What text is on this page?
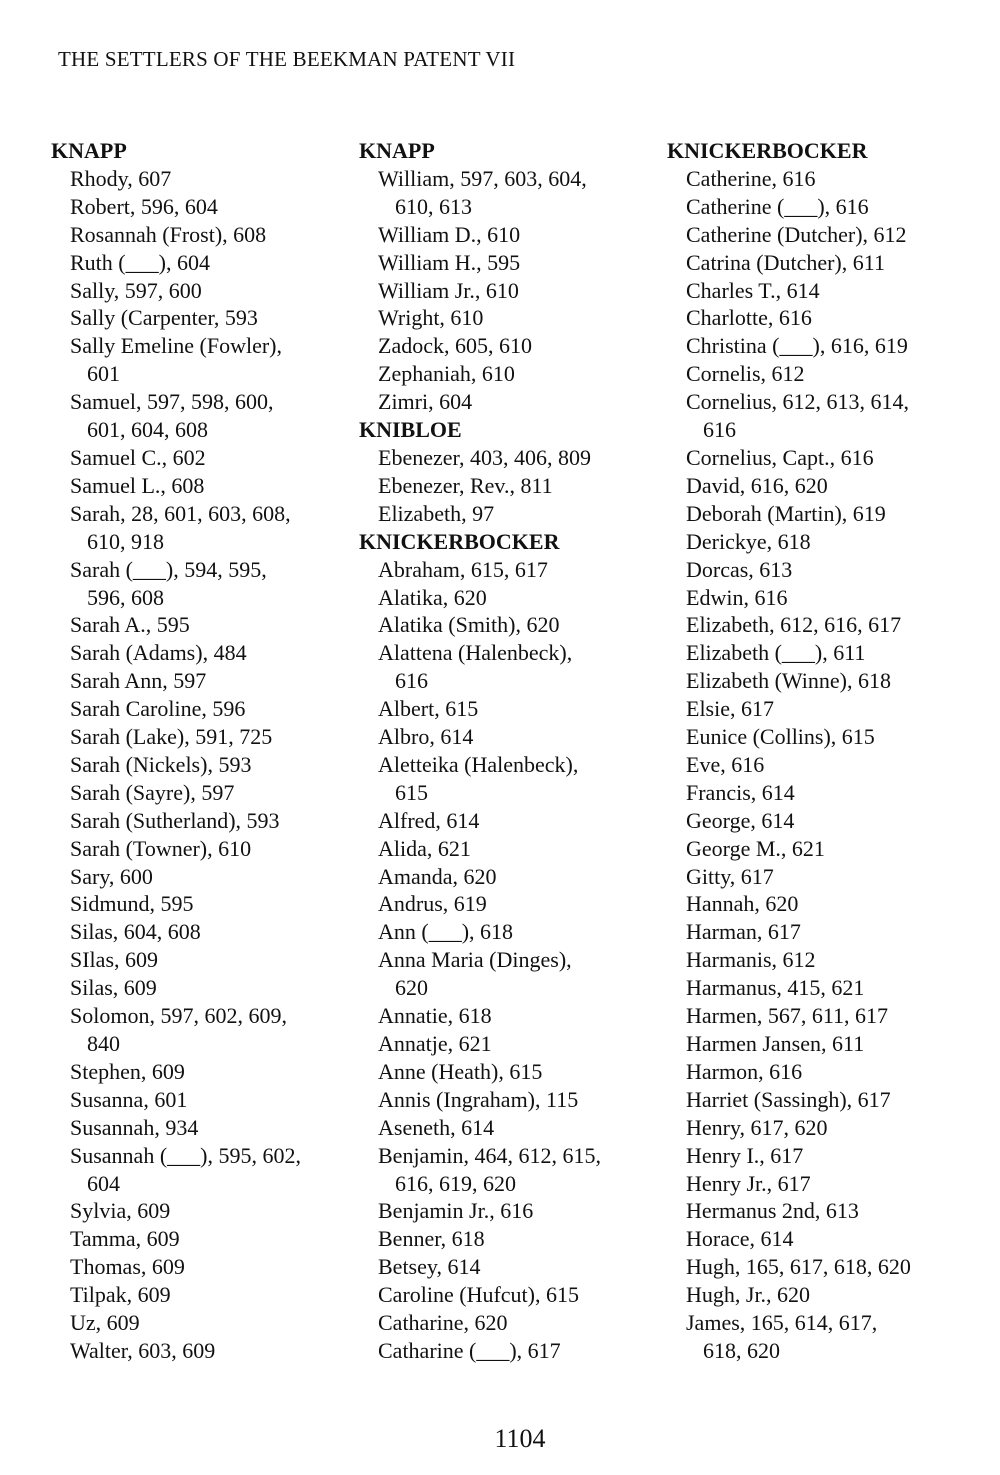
THE SETTLERS OF THE BEEKMAN PATENT VII
KNAPP
Rhody, 607
Robert, 596, 604
Rosannah (Frost), 608
Ruth (___), 604
Sally, 597, 600
Sally (Carpenter, 593
Sally Emeline (Fowler),
601
Samuel, 597, 598, 600,
601, 604, 608
Samuel C., 602
Samuel L., 608
Sarah, 28, 601, 603, 608,
610, 918
Sarah (___), 594, 595,
596, 608
Sarah A., 595
Sarah (Adams), 484
Sarah Ann, 597
Sarah Caroline, 596
Sarah (Lake), 591, 725
Sarah (Nickels), 593
Sarah (Sayre), 597
Sarah (Sutherland), 593
Sarah (Towner), 610
Sary, 600
Sidmund, 595
Silas, 604, 608
SIlas, 609
Silas, 609
Solomon, 597, 602, 609,
840
Stephen, 609
Susanna, 601
Susannah, 934
Susannah (___), 595, 602,
604
Sylvia, 609
Tamma, 609
Thomas, 609
Tilpak, 609
Uz, 609
Walter, 603, 609
KNAPP
William, 597, 603, 604,
610, 613
William D., 610
William H., 595
William Jr., 610
Wright, 610
Zadock, 605, 610
Zephaniah, 610
Zimri, 604
KNIBLOE
Ebenezer, 403, 406, 809
Ebenezer, Rev., 811
Elizabeth, 97
KNICKERBOCKER
Abraham, 615, 617
Alatika, 620
Alatika (Smith), 620
Alattena (Halenbeck),
616
Albert, 615
Albro, 614
Aletteika (Halenbeck),
615
Alfred, 614
Alida, 621
Amanda, 620
Andrus, 619
Ann (___), 618
Anna Maria (Dinges),
620
Annatie, 618
Annatje, 621
Anne (Heath), 615
Annis (Ingraham), 115
Aseneth, 614
Benjamin, 464, 612, 615,
616, 619, 620
Benjamin Jr., 616
Benner, 618
Betsey, 614
Caroline (Hufcut), 615
Catharine, 620
Catharine (___), 617
KNICKERBOCKER
Catherine, 616
Catherine (___), 616
Catherine (Dutcher), 612
Catrina (Dutcher), 611
Charles T., 614
Charlotte, 616
Christina (___), 616, 619
Cornelis, 612
Cornelius, 612, 613, 614,
616
Cornelius, Capt., 616
David, 616, 620
Deborah (Martin), 619
Derickye, 618
Dorcas, 613
Edwin, 616
Elizabeth, 612, 616, 617
Elizabeth (___), 611
Elizabeth (Winne), 618
Elsie, 617
Eunice (Collins), 615
Eve, 616
Francis, 614
George, 614
George M., 621
Gitty, 617
Hannah, 620
Harman, 617
Harmanis, 612
Harmanus, 415, 621
Harmen, 567, 611, 617
Harmen Jansen, 611
Harmon, 616
Harriet (Sassingh), 617
Henry, 617, 620
Henry I., 617
Henry Jr., 617
Hermanus 2nd, 613
Horace, 614
Hugh, 165, 617, 618, 620
Hugh, Jr., 620
James, 165, 614, 617,
618, 620
1104
